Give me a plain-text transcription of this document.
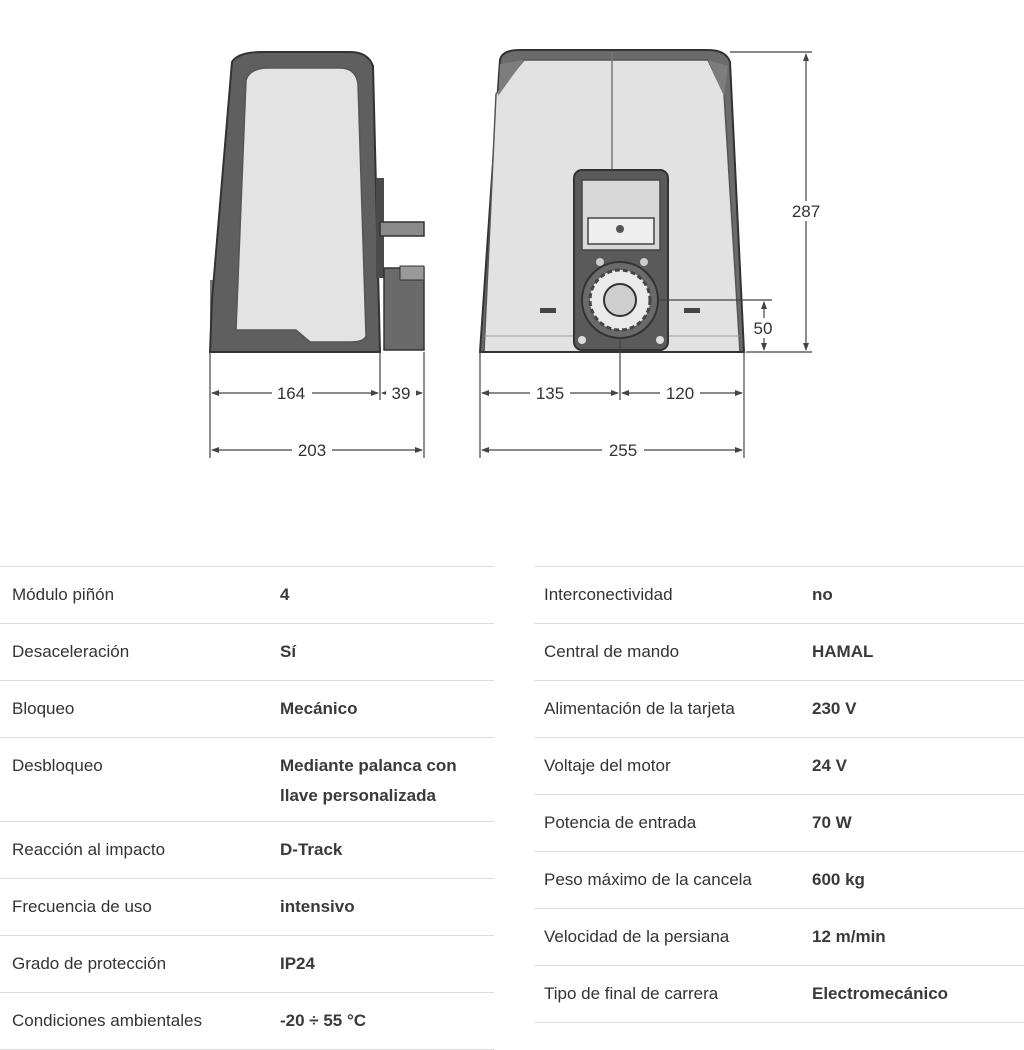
164	39
203
135	120
255
287
50
Módulo piñón	4
Desaceleración	Sí
Bloqueo	Mecánico
Desbloqueo	Mediante palanca con
llave personalizada

Reacción al impacto	D-Track
Frecuencia de uso	intensivo
Grado de protección	IP24
Condiciones ambientales	-20 ÷ 55 °C
Interconectividad	no
Central de mando	HAMAL
Alimentación de la tarjeta	230 V
Voltaje del motor	24 V
Potencia de entrada	70 W
Peso máximo de la cancela	600 kg
Velocidad de la persiana	12 m/min
Tipo de final de carrera	Electromecánico
